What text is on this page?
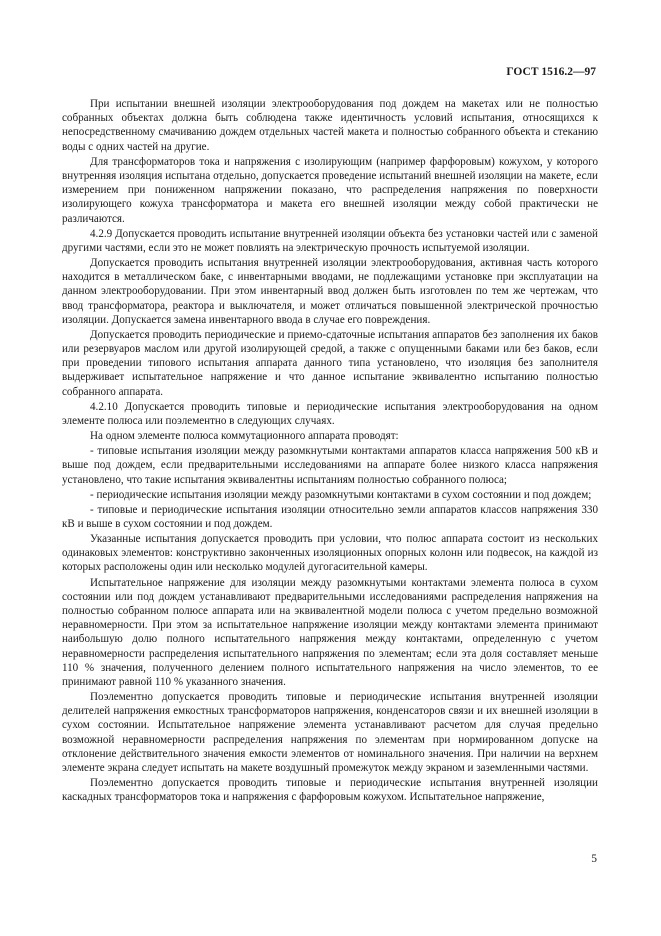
ГОСТ 1516.2—97

При испытании внешней изоляции электрооборудования под дождем на макетах или не полностью собранных объектах должна быть соблюдена также идентичность условий испытания, относящихся к непосредственному смачиванию дождем отдельных частей макета и полностью собранного объекта и стеканию воды с одних частей на другие.

Для трансформаторов тока и напряжения с изолирующим (например фарфоровым) кожухом, у которого внутренняя изоляция испытана отдельно, допускается проведение испытаний внешней изоляции на макете, если измерением при пониженном напряжении показано, что распределения напряжения по поверхности изолирующего кожуха трансформатора и макета его внешней изоляции между собой практически не различаются.

4.2.9 Допускается проводить испытание внутренней изоляции объекта без установки частей или с заменой другими частями, если это не может повлиять на электрическую прочность испытуемой изоляции.

Допускается проводить испытания внутренней изоляции электрооборудования, активная часть которого находится в металлическом баке, с инвентарными вводами, не подлежащими установке при эксплуатации на данном электрооборудовании. При этом инвентарный ввод должен быть изготовлен по тем же чертежам, что ввод трансформатора, реактора и выключателя, и может отличаться повышенной электрической прочностью изоляции. Допускается замена инвентарного ввода в случае его повреждения.

Допускается проводить периодические и приемо-сдаточные испытания аппаратов без заполнения их баков или резервуаров маслом или другой изолирующей средой, а также с опущенными баками или без баков, если при проведении типового испытания аппарата данного типа установлено, что изоляция без заполнителя выдерживает испытательное напряжение и что данное испытание эквивалентно испытанию полностью собранного аппарата.

4.2.10 Допускается проводить типовые и периодические испытания электрооборудования на одном элементе полюса или поэлементно в следующих случаях.

На одном элементе полюса коммутационного аппарата проводят:

- типовые испытания изоляции между разомкнутыми контактами аппаратов класса напряжения 500 кВ и выше под дождем, если предварительными исследованиями на аппарате более низкого класса напряжения установлено, что такие испытания эквивалентны испытаниям полностью собранного полюса;

- периодические испытания изоляции между разомкнутыми контактами в сухом состоянии и под дождем;

- типовые и периодические испытания изоляции относительно земли аппаратов классов напряжения 330 кВ и выше в сухом состоянии и под дождем.

Указанные испытания допускается проводить при условии, что полюс аппарата состоит из нескольких одинаковых элементов: конструктивно законченных изоляционных опорных колонн или подвесок, на каждой из которых расположены один или несколько модулей дугогасительной камеры.

Испытательное напряжение для изоляции между разомкнутыми контактами элемента полюса в сухом состоянии или под дождем устанавливают предварительными исследованиями распределения напряжения на полностью собранном полюсе аппарата или на эквивалентной модели полюса с учетом предельно возможной неравномерности. При этом за испытательное напряжение изоляции между контактами элемента принимают наибольшую долю полного испытательного напряжения между контактами, определенную с учетом неравномерности распределения испытательного напряжения по элементам; если эта доля составляет меньше 110 % значения, полученного делением полного испытательного напряжения на число элементов, то ее принимают равной 110 % указанного значения.

Поэлементно допускается проводить типовые и периодические испытания внутренней изоляции делителей напряжения емкостных трансформаторов напряжения, конденсаторов связи и их внешней изоляции в сухом состоянии. Испытательное напряжение элемента устанавливают расчетом для случая предельно возможной неравномерности распределения напряжения по элементам при нормированном допуске на отклонение действительного значения емкости элементов от номинального значения. При наличии на верхнем элементе экрана следует испытать на макете воздушный промежуток между экраном и заземленными частями.

Поэлементно допускается проводить типовые и периодические испытания внутренней изоляции каскадных трансформаторов тока и напряжения с фарфоровым кожухом. Испытательное напряжение,

5
